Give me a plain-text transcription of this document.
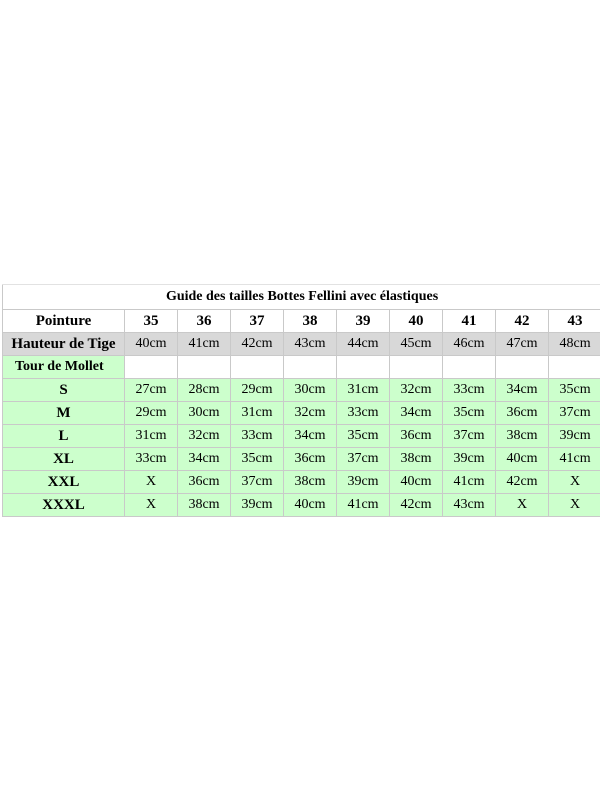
Guide des tailles Bottes Fellini avec élastiques									
Pointure	35	36	37	38	39	40	41	42	43
Hauteur de Tige	40cm	41cm	42cm	43cm	44cm	45cm	46cm	47cm	48cm
Tour de Mollet									
S	27cm	28cm	29cm	30cm	31cm	32cm	33cm	34cm	35cm
M	29cm	30cm	31cm	32cm	33cm	34cm	35cm	36cm	37cm
L	31cm	32cm	33cm	34cm	35cm	36cm	37cm	38cm	39cm
XL	33cm	34cm	35cm	36cm	37cm	38cm	39cm	40cm	41cm
XXL	X	36cm	37cm	38cm	39cm	40cm	41cm	42cm	X
XXXL	X	38cm	39cm	40cm	41cm	42cm	43cm	X	X
